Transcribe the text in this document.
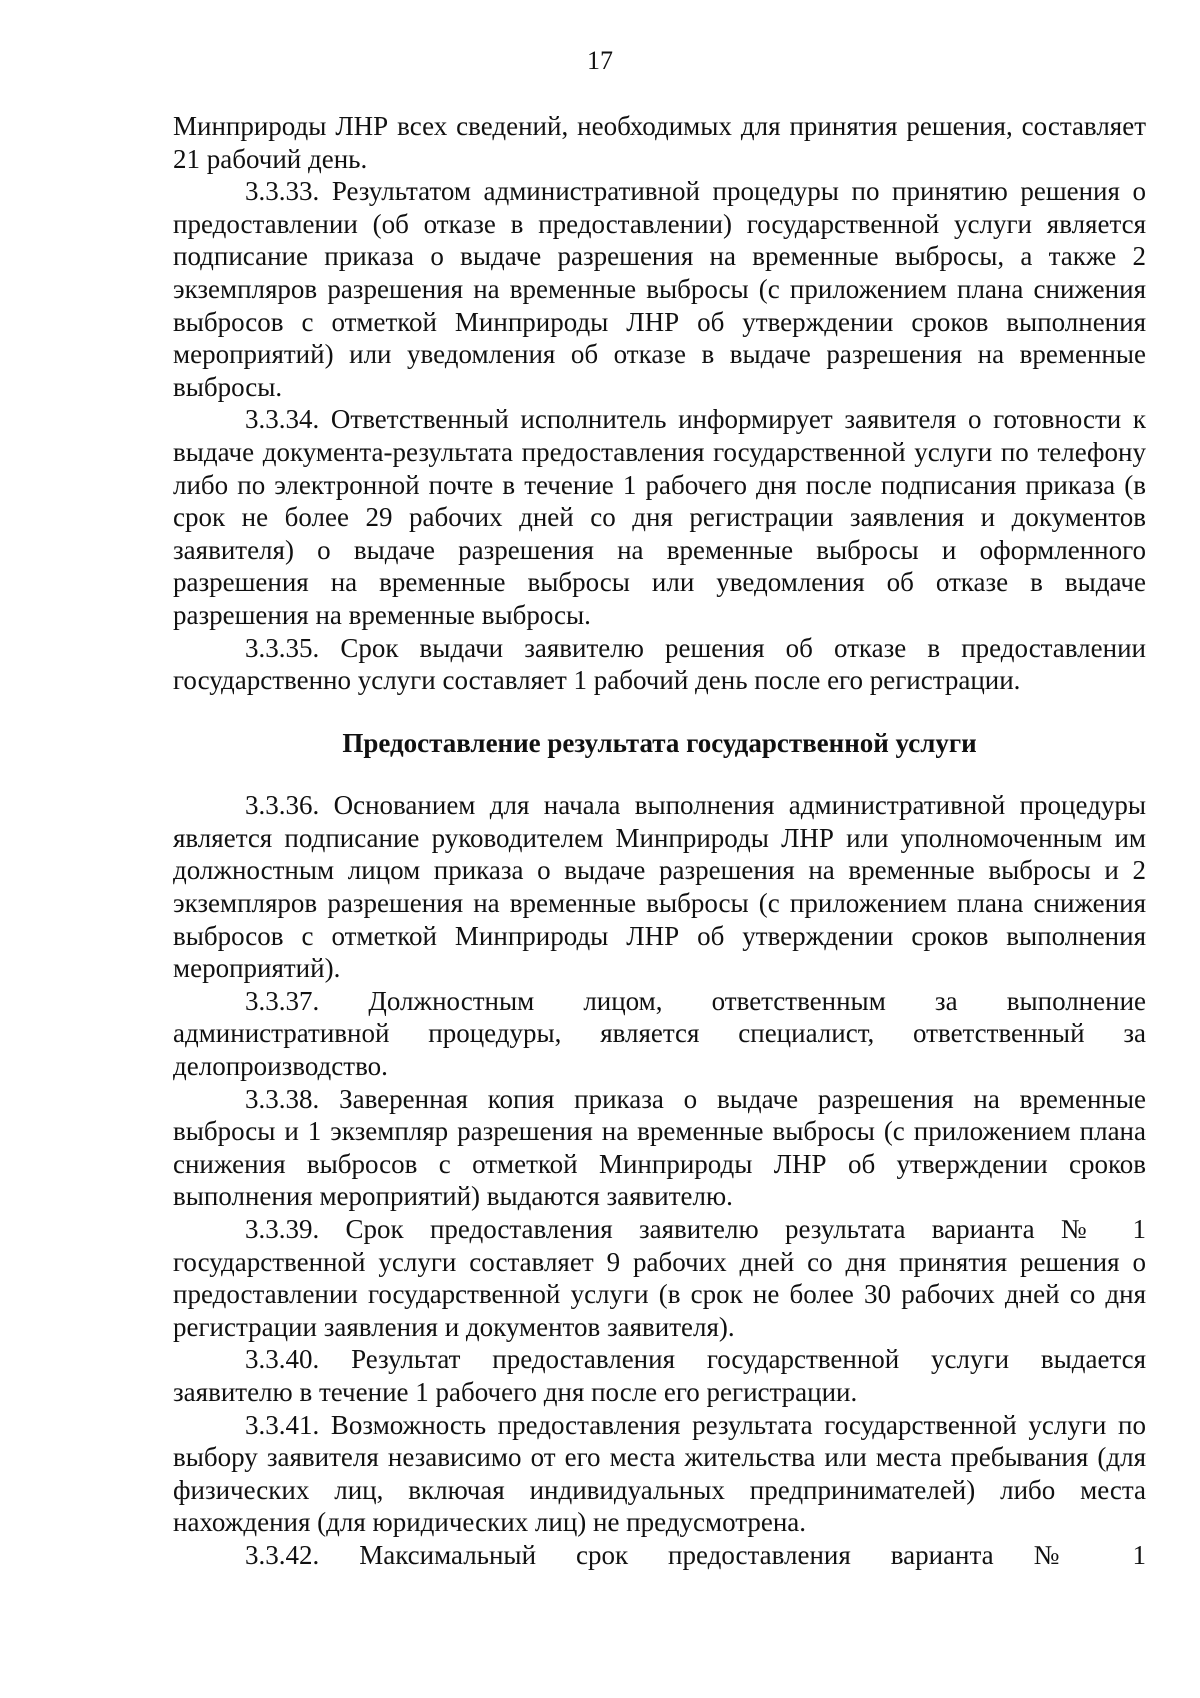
17

Минприроды ЛНР всех сведений, необходимых для принятия решения, составляет 21 рабочий день.

3.3.33. Результатом административной процедуры по принятию решения о предоставлении (об отказе в предоставлении) государственной услуги является подписание приказа о выдаче разрешения на временные выбросы, а также 2 экземпляров разрешения на временные выбросы (с приложением плана снижения выбросов с отметкой Минприроды ЛНР об утверждении сроков выполнения мероприятий) или уведомления об отказе в выдаче разрешения на временные выбросы.

3.3.34. Ответственный исполнитель информирует заявителя о готовности к выдаче документа-результата предоставления государственной услуги по телефону либо по электронной почте в течение 1 рабочего дня после подписания приказа (в срок не более 29 рабочих дней со дня регистрации заявления и документов заявителя) о выдаче разрешения на временные выбросы и оформленного разрешения на временные выбросы или уведомления об отказе в выдаче разрешения на временные выбросы.

3.3.35. Срок выдачи заявителю решения об отказе в предоставлении государственно услуги составляет 1 рабочий день после его регистрации.

Предоставление результата государственной услуги

3.3.36. Основанием для начала выполнения административной процедуры является подписание руководителем Минприроды ЛНР или уполномоченным им должностным лицом приказа о выдаче разрешения на временные выбросы и 2 экземпляров разрешения на временные выбросы (с приложением плана снижения выбросов с отметкой Минприроды ЛНР об утверждении сроков выполнения мероприятий).

3.3.37. Должностным лицом, ответственным за выполнение административной процедуры, является специалист, ответственный за делопроизводство.

3.3.38. Заверенная копия приказа о выдаче разрешения на временные выбросы и 1 экземпляр разрешения на временные выбросы (с приложением плана снижения выбросов с отметкой Минприроды ЛНР об утверждении сроков выполнения мероприятий) выдаются заявителю.

3.3.39. Срок предоставления заявителю результата варианта № 1 государственной услуги составляет 9 рабочих дней со дня принятия решения о предоставлении государственной услуги (в срок не более 30 рабочих дней со дня регистрации заявления и документов заявителя).

3.3.40. Результат предоставления государственной услуги выдается заявителю в течение 1 рабочего дня после его регистрации.

3.3.41. Возможность предоставления результата государственной услуги по выбору заявителя независимо от его места жительства или места пребывания (для физических лиц, включая индивидуальных предпринимателей) либо места нахождения (для юридических лиц) не предусмотрена.

3.3.42. Максимальный срок предоставления варианта № 1
